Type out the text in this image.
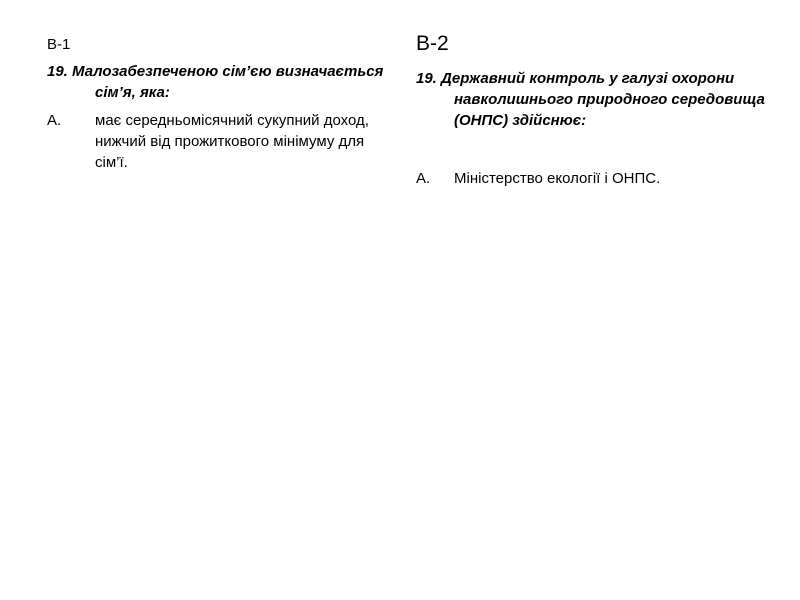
В-1
19. Малозабезпеченою сім’єю визначається сім’я, яка:
А.	має середньомісячний сукупний доход, нижчий від прожиткового мінімуму для сім’ї.
В-2
19. Державний контроль у галузі охорони навколишнього природного середовища (ОНПС) здійснює:
А.	Міністерство екології і ОНПС.
